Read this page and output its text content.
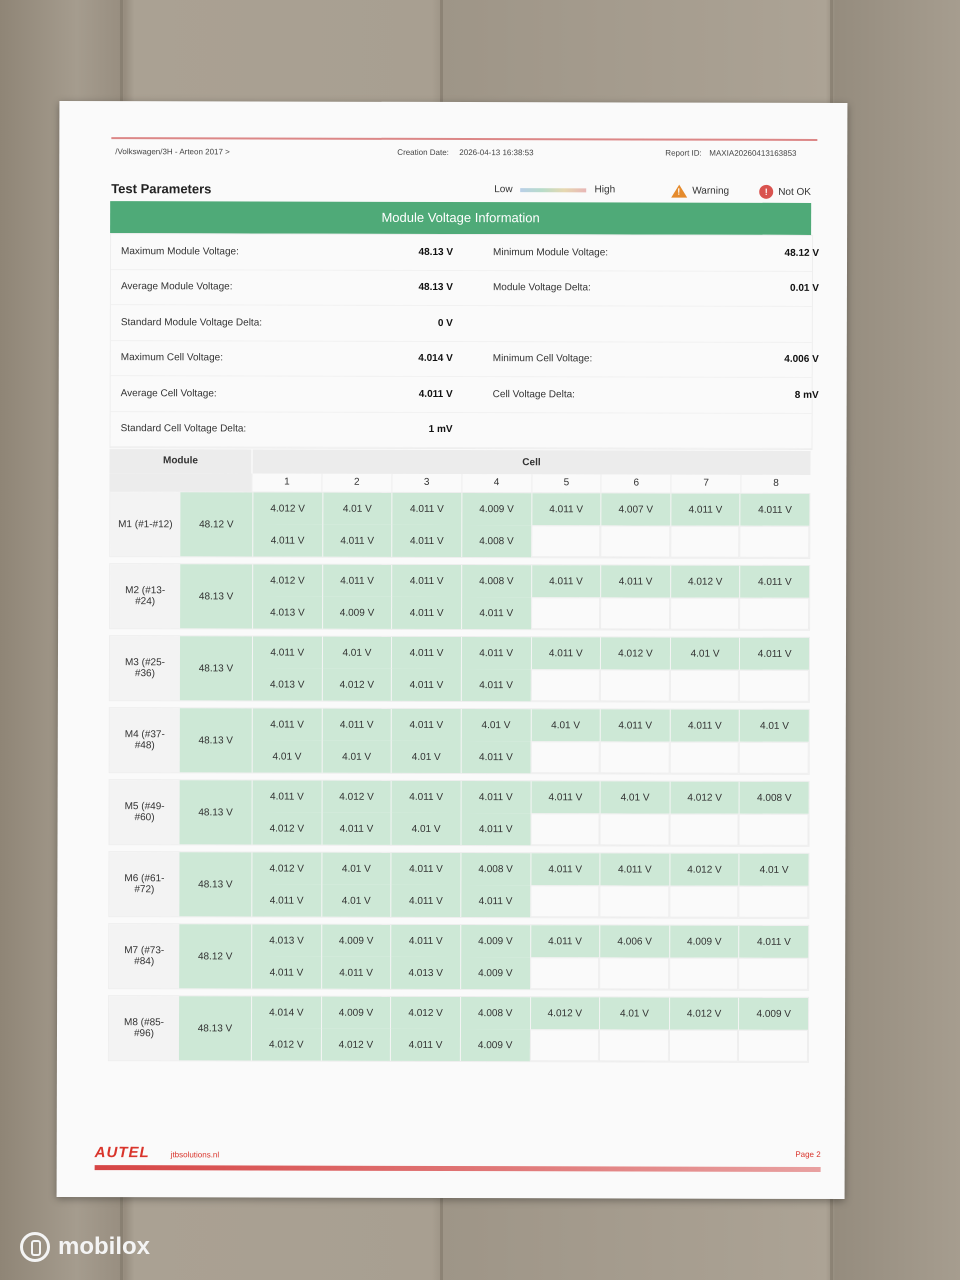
/Volkswagen/3H - Arteon 2017 >	Creation Date: 2026-04-13 16:38:53	Report ID: MAXIA20260413163853
Test Parameters	Low	High	! Warning	!	Not OK
Module Voltage Information
Maximum Module Voltage:	48.13 V	Minimum Module Voltage:	48.12 V
Average Module Voltage:	48.13 V	Module Voltage Delta:	0.01 V
Standard Module Voltage Delta:	0 V
Maximum Cell Voltage:	4.014 V	Minimum Cell Voltage:	4.006 V
Average Cell Voltage:	4.011 V	Cell Voltage Delta:	8 mV
Standard Cell Voltage Delta:	1 mV
Module	Cell
1	2	3	4	5	6	7	8
M1 (#1-#12)	48.12 V
4.012 V	4.01 V	4.011 V	4.009 V	4.011 V	4.007 V	4.011 V	4.011 V
4.011 V	4.011 V	4.011 V	4.008 V
M2 (#13-#24)	48.13 V
4.012 V	4.011 V	4.011 V	4.008 V	4.011 V	4.011 V	4.012 V	4.011 V
4.013 V	4.009 V	4.011 V	4.011 V
M3 (#25-#36)	48.13 V
4.011 V	4.01 V	4.011 V	4.011 V	4.011 V	4.012 V	4.01 V	4.011 V
4.013 V	4.012 V	4.011 V	4.011 V
M4 (#37-#48)	48.13 V
4.011 V	4.011 V	4.011 V	4.01 V	4.01 V	4.011 V	4.011 V	4.01 V
4.01 V	4.01 V	4.01 V	4.011 V
M5 (#49-#60)	48.13 V
4.011 V	4.012 V	4.011 V	4.011 V	4.011 V	4.01 V	4.012 V	4.008 V
4.012 V	4.011 V	4.01 V	4.011 V
M6 (#61-#72)	48.13 V
4.012 V	4.01 V	4.011 V	4.008 V	4.011 V	4.011 V	4.012 V	4.01 V
4.011 V	4.01 V	4.011 V	4.011 V
M7 (#73-#84)	48.12 V
4.013 V	4.009 V	4.011 V	4.009 V	4.011 V	4.006 V	4.009 V	4.011 V
4.011 V	4.011 V	4.013 V	4.009 V
M8 (#85-#96)	48.13 V
4.014 V	4.009 V	4.012 V	4.008 V	4.012 V	4.01 V	4.012 V	4.009 V
4.012 V	4.012 V	4.011 V	4.009 V
AUTEL	jtbsolutions.nl	Page 2
mobilox
